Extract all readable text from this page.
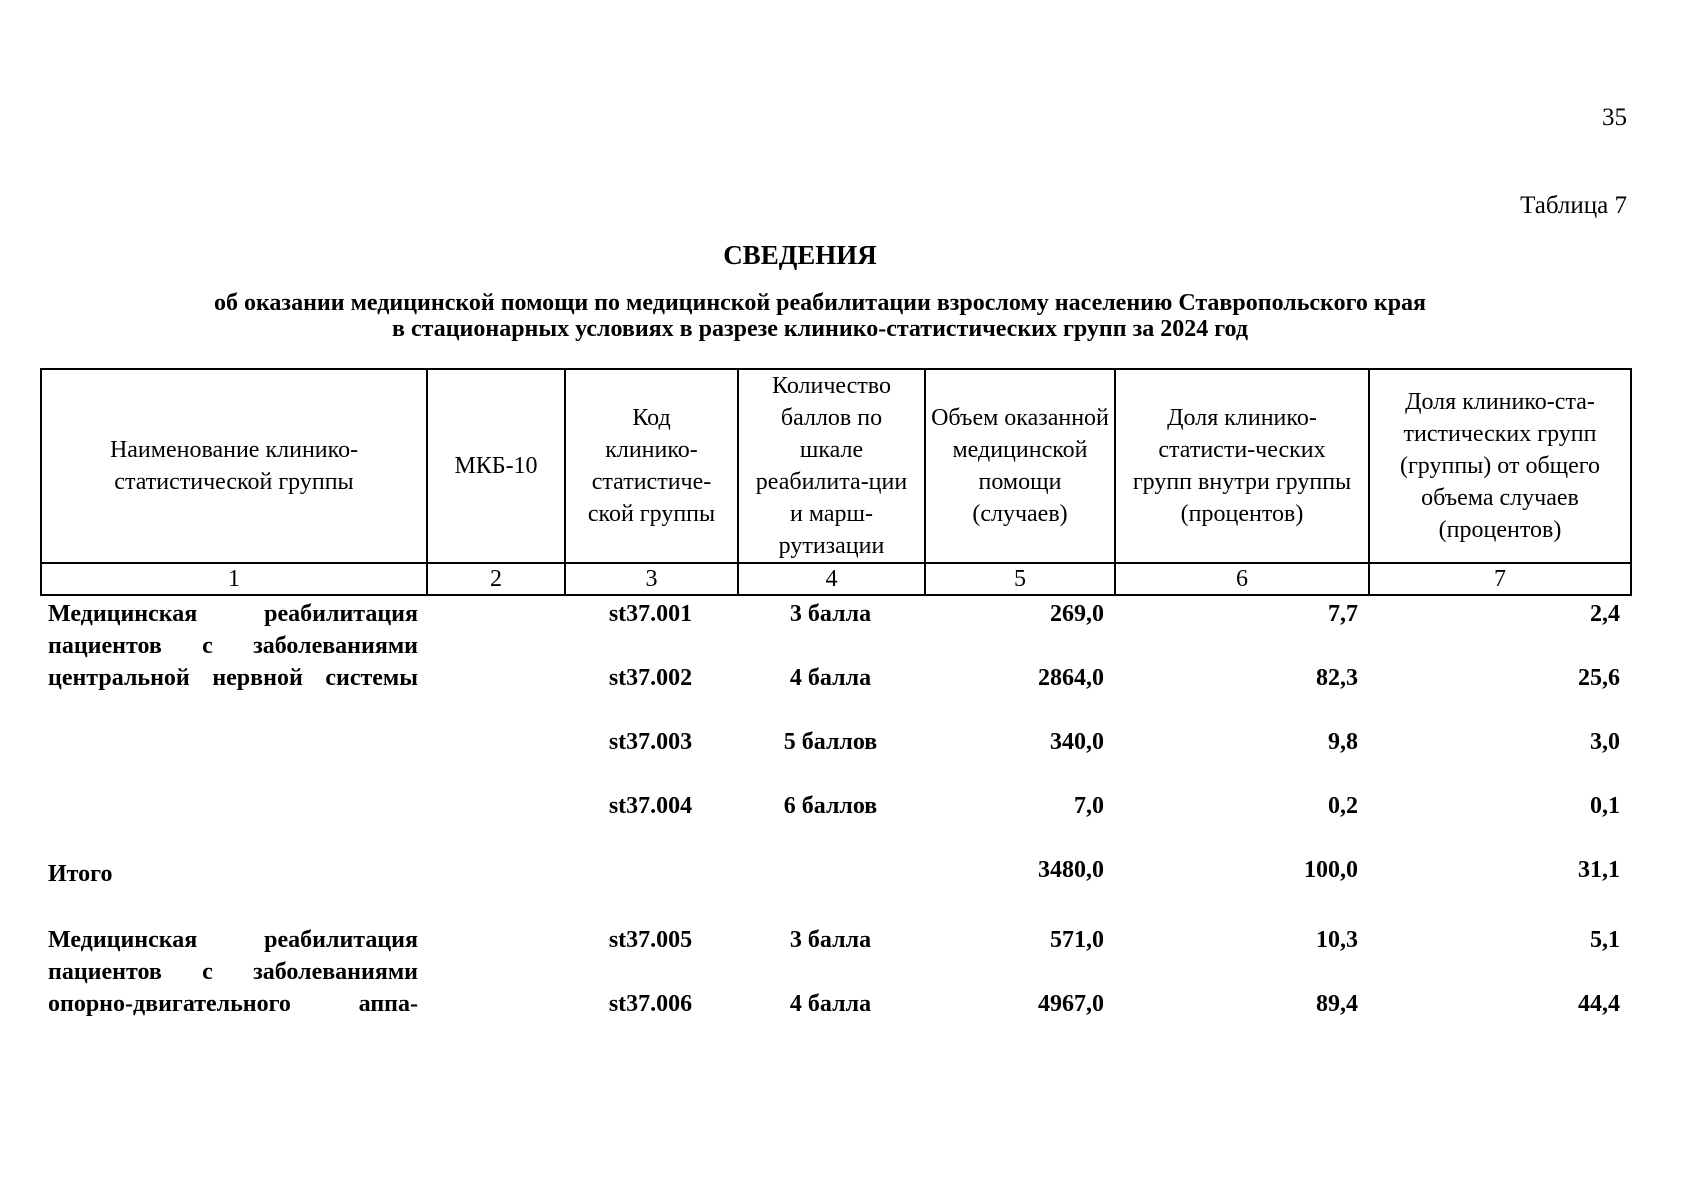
35
Таблица 7
СВЕДЕНИЯ
об оказании медицинской помощи по медицинской реабилитации взрослому населению Ставропольского края
в стационарных условиях в разрезе клинико-статистических групп за 2024 год
Наименование клинико-статистической группы	МКБ-10	Код клинико-статистиче-ской группы	Количество баллов по шкале реабилита-ции и марш-рутизации	Объем оказанной медицинской помощи (случаев)	Доля клинико-статисти-ческих групп внутри группы (процентов)	Доля клинико-ста-тистических групп (группы) от общего объема случаев (процентов)
1	2	3	4	5	6	7
Медицинская реабилитация
пациентов с заболеваниями
центральной нервной системы		st37.001	3 балла	269,0	7,7	2,4
		st37.002	4 балла	2864,0	82,3	25,6
		st37.003	5 баллов	340,0	9,8	3,0
		st37.004	6 баллов	7,0	0,2	0,1
Итого				3480,0	100,0	31,1

Медицинская реабилитация
пациентов с заболеваниями
опорно-двигательного аппа-		st37.005	3 балла	571,0	10,3	5,1
		st37.006	4 балла	4967,0	89,4	44,4
